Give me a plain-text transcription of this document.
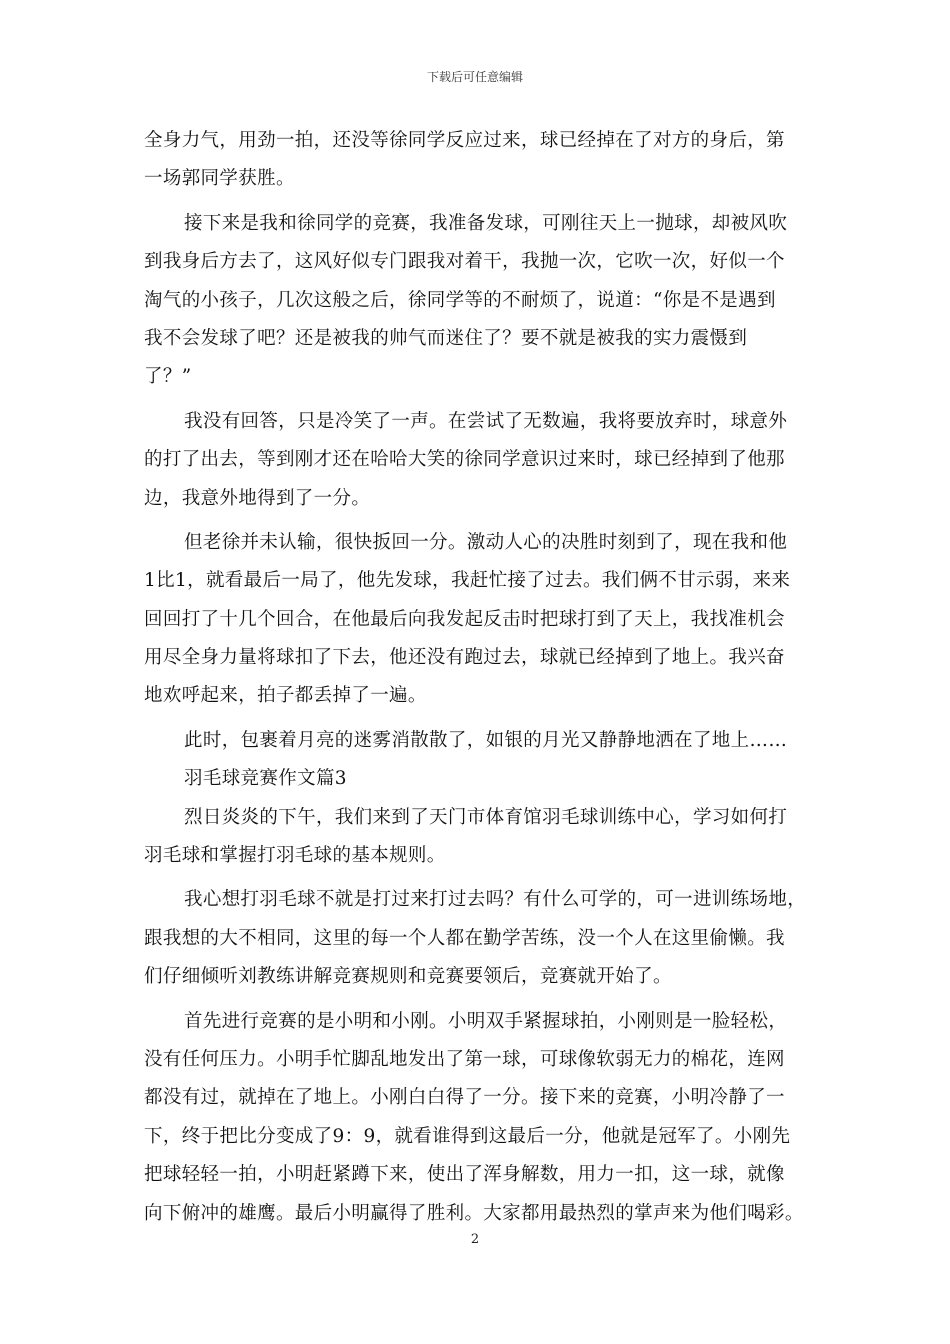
下载后可任意编辑
全身力气，用劲一拍，还没等徐同学反应过来，球已经掉在了对方的身后，第
一场郭同学获胜。
接下来是我和徐同学的竞赛，我准备发球，可刚往天上一抛球，却被风吹
到我身后方去了，这风好似专门跟我对着干，我抛一次，它吹一次，好似一个
淘气的小孩子，几次这般之后，徐同学等的不耐烦了，说道：“你是不是遇到
我不会发球了吧？还是被我的帅气而迷住了？要不就是被我的实力震慑到
了？”
我没有回答，只是冷笑了一声。在尝试了无数遍，我将要放弃时，球意外
的打了出去，等到刚才还在哈哈大笑的徐同学意识过来时，球已经掉到了他那
边，我意外地得到了一分。
但老徐并未认输，很快扳回一分。激动人心的决胜时刻到了，现在我和他
1比1，就看最后一局了，他先发球，我赶忙接了过去。我们俩不甘示弱，来来
回回打了十几个回合，在他最后向我发起反击时把球打到了天上，我找准机会
用尽全身力量将球扣了下去，他还没有跑过去，球就已经掉到了地上。我兴奋
地欢呼起来，拍子都丢掉了一遍。
此时，包裹着月亮的迷雾消散散了，如银的月光又静静地洒在了地上……
羽毛球竞赛作文篇3
烈日炎炎的下午，我们来到了天门市体育馆羽毛球训练中心，学习如何打
羽毛球和掌握打羽毛球的基本规则。
我心想打羽毛球不就是打过来打过去吗？有什么可学的，可一进训练场地，
跟我想的大不相同，这里的每一个人都在勤学苦练，没一个人在这里偷懒。我
们仔细倾听刘教练讲解竞赛规则和竞赛要领后，竞赛就开始了。
首先进行竞赛的是小明和小刚。小明双手紧握球拍，小刚则是一脸轻松，
没有任何压力。小明手忙脚乱地发出了第一球，可球像软弱无力的棉花，连网
都没有过，就掉在了地上。小刚白白得了一分。接下来的竞赛，小明冷静了一
下，终于把比分变成了9：9，就看谁得到这最后一分，他就是冠军了。小刚先
把球轻轻一拍，小明赶紧蹲下来，使出了浑身解数，用力一扣，这一球，就像
向下俯冲的雄鹰。最后小明赢得了胜利。大家都用最热烈的掌声来为他们喝彩。
2
